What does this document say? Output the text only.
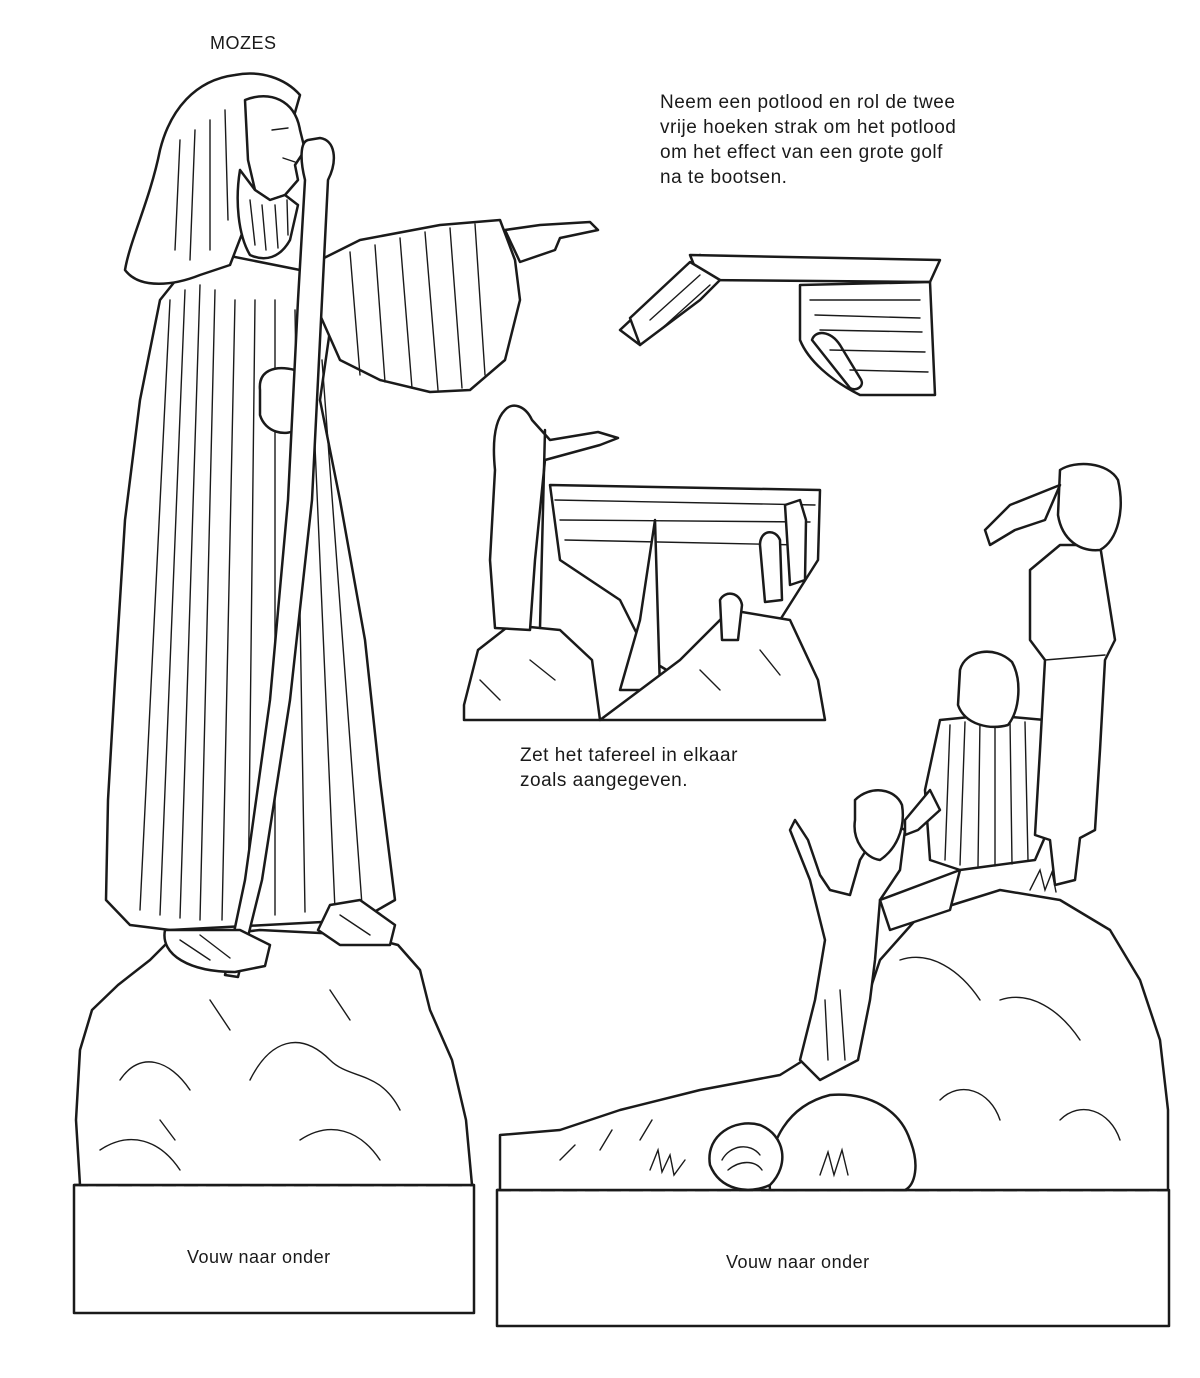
MOZES
Neem een potlood en rol de twee
vrije hoeken strak om het potlood
om het effect van een grote golf
na te bootsen.
Zet het tafereel in elkaar
zoals aangegeven.
Vouw naar onder	Vouw naar onder
